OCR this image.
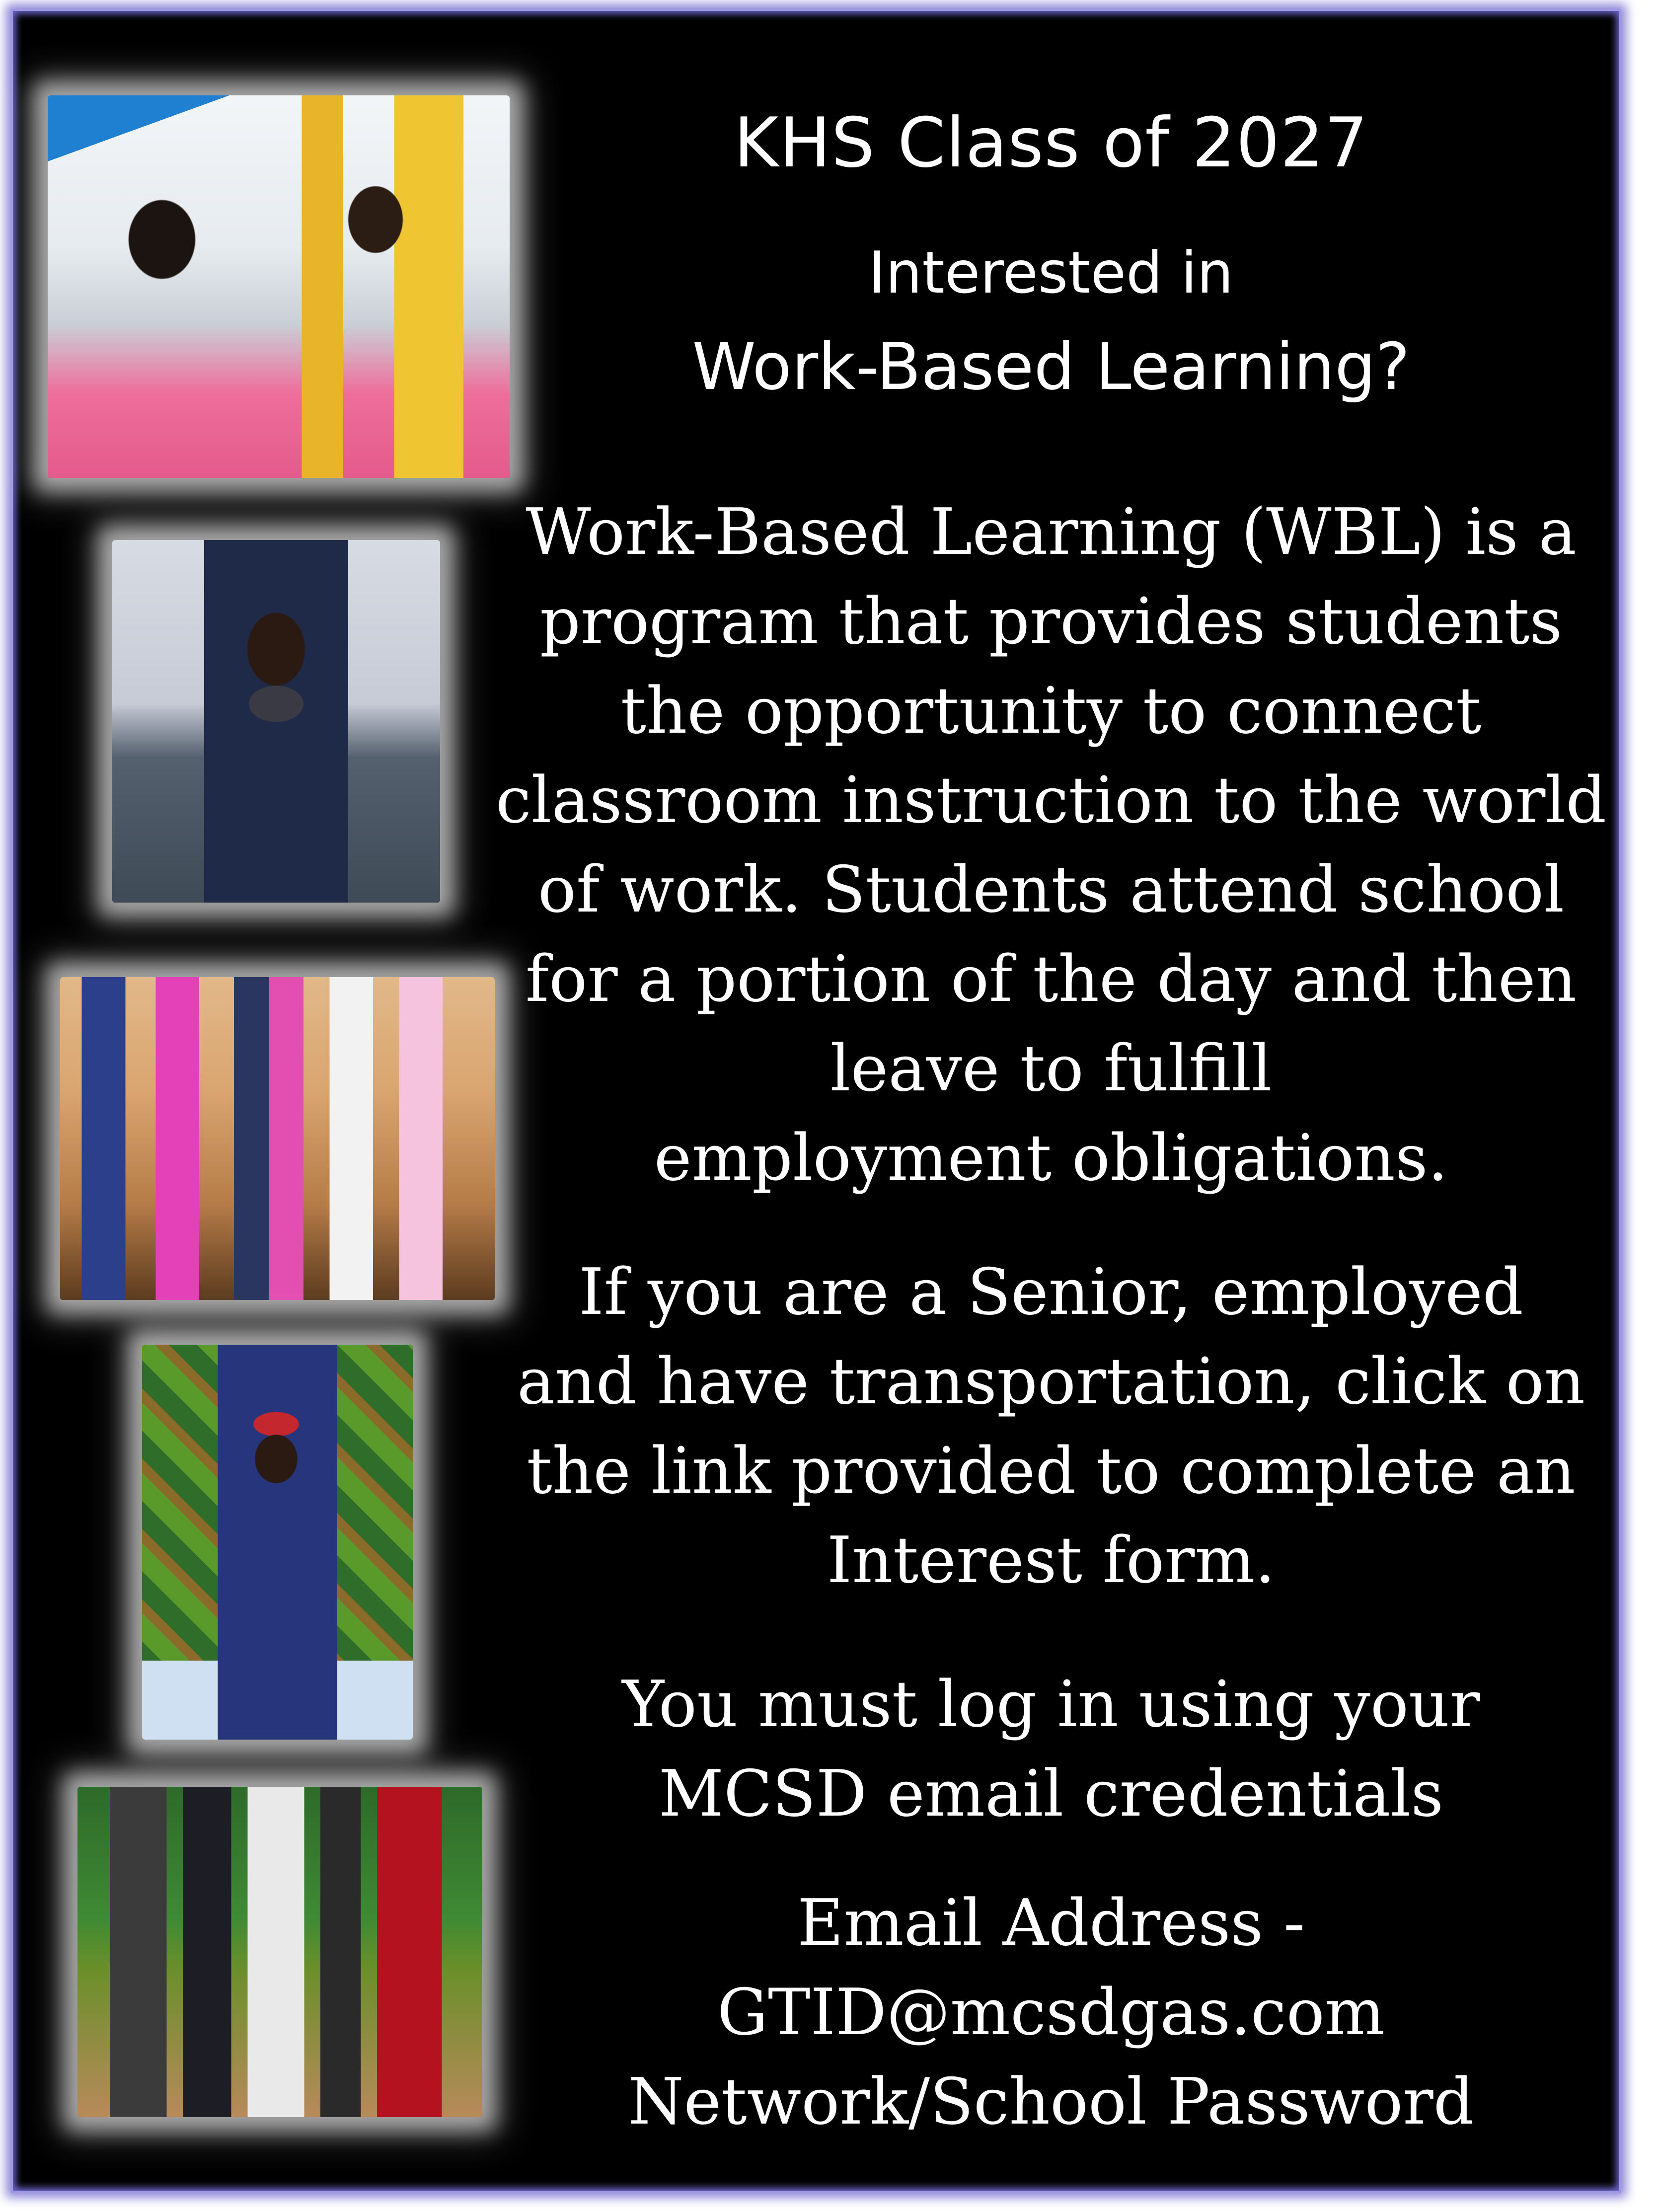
KHS Class of 2027
Interested in
Work-Based Learning?
Work-Based Learning (WBL) is a
program that provides students
the opportunity to connect
classroom instruction to the world
of work. Students attend school
for a portion of the day and then
leave to fulfill
employment obligations.
If you are a Senior, employed
and have transportation, click on
the link provided to complete an
Interest form.
You must log in using your
MCSD email credentials
Email Address -
GTID@mcsdgas.com
Network/School Password
